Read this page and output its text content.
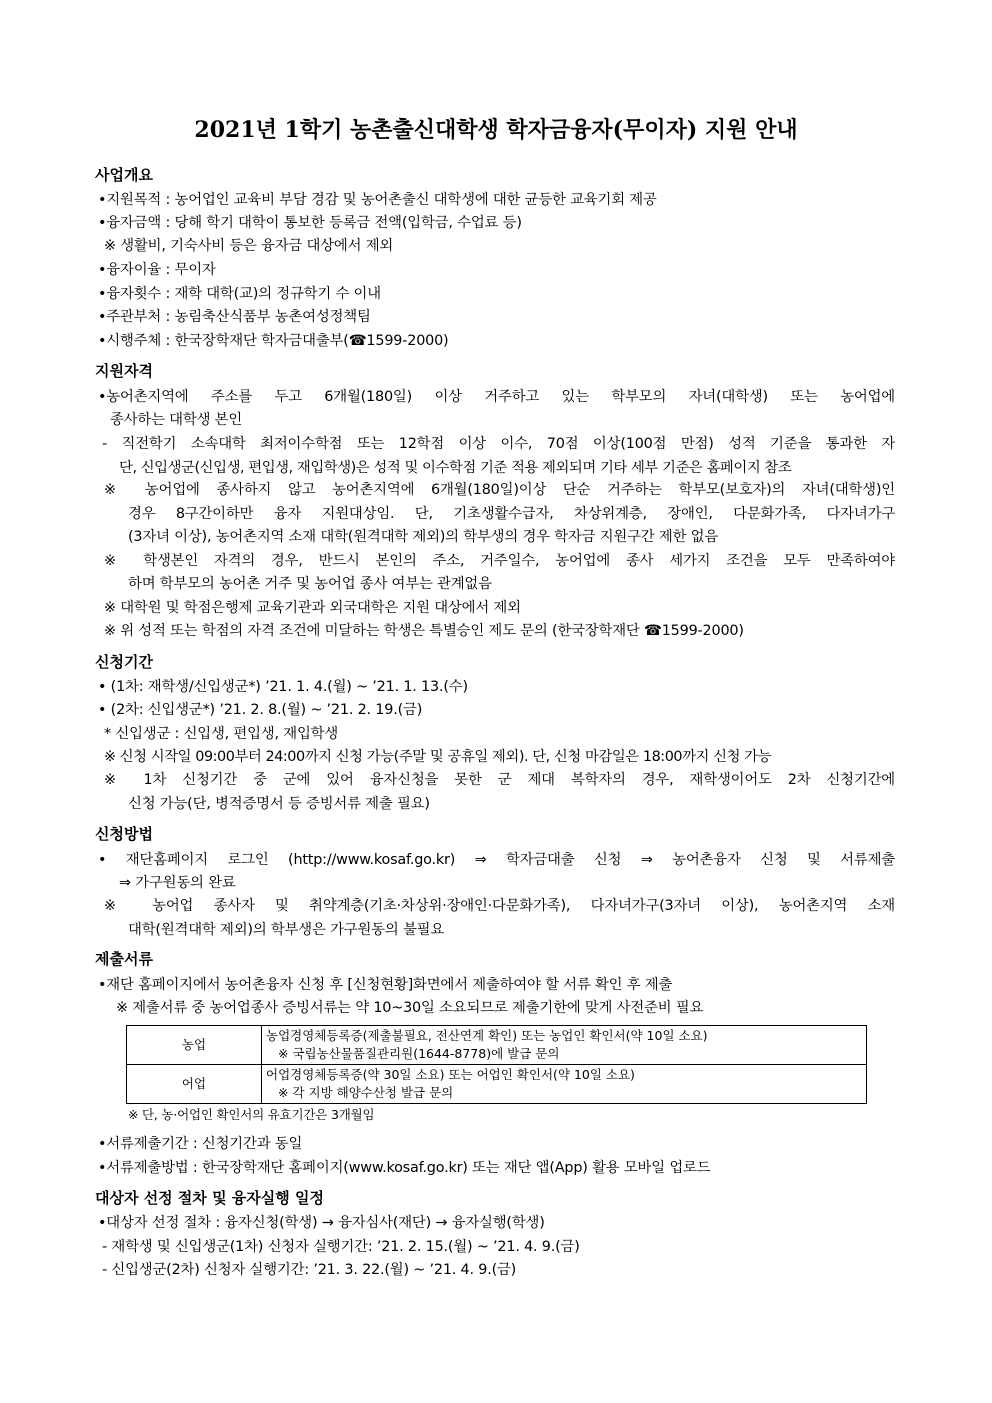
2021년 1학기 농촌출신대학생 학자금융자(무이자) 지원 안내
사업개요
•지원목적 : 농어업인 교육비 부담 경감 및 농어촌출신 대학생에 대한 균등한 교육기회 제공
•융자금액 : 당해 학기 대학이 통보한 등록금 전액(입학금, 수업료 등)
※ 생활비, 기숙사비 등은 융자금 대상에서 제외
•융자이율 : 무이자
•융자횟수 : 재학 대학(교)의 정규학기 수 이내
•주관부처 : 농림축산식품부 농촌여성정책팀
•시행주체 : 한국장학재단 학자금대출부(☎1599-2000)
지원자격
•농어촌지역에 주소를 두고 6개월(180일) 이상 거주하고 있는 학부모의 자녀(대학생) 또는 농어업에
종사하는 대학생 본인
- 직전학기 소속대학 최저이수학점 또는 12학점 이상 이수, 70점 이상(100점 만점) 성적 기준을 통과한 자
단, 신입생군(신입생, 편입생, 재입학생)은 성적 및 이수학점 기준 적용 제외되며 기타 세부 기준은 홈페이지 참조
※ 농어업에 종사하지 않고 농어촌지역에 6개월(180일)이상 단순 거주하는 학부모(보호자)의 자녀(대학생)인
경우 8구간이하만 융자 지원대상임. 단, 기초생활수급자, 차상위계층, 장애인, 다문화가족, 다자녀가구
(3자녀 이상), 농어촌지역 소재 대학(원격대학 제외)의 학부생의 경우 학자금 지원구간 제한 없음
※ 학생본인 자격의 경우, 반드시 본인의 주소, 거주일수, 농어업에 종사 세가지 조건을 모두 만족하여야
하며 학부모의 농어촌 거주 및 농어업 종사 여부는 관계없음
※ 대학원 및 학점은행제 교육기관과 외국대학은 지원 대상에서 제외
※ 위 성적 또는 학점의 자격 조건에 미달하는 학생은 특별승인 제도 문의 (한국장학재단 ☎1599-2000)
신청기간
• (1차: 재학생/신입생군*) ’21. 1. 4.(월) ~ ’21. 1. 13.(수)
• (2차: 신입생군*) ’21. 2. 8.(월) ~ ’21. 2. 19.(금)
* 신입생군 : 신입생, 편입생, 재입학생
※ 신청 시작일 09:00부터 24:00까지 신청 가능(주말 및 공휴일 제외). 단, 신청 마감일은 18:00까지 신청 가능
※ 1차 신청기간 중 군에 있어 융자신청을 못한 군 제대 복학자의 경우, 재학생이어도 2차 신청기간에
신청 가능(단, 병적증명서 등 증빙서류 제출 필요)
신청방법
• 재단홈페이지 로그인 (http://www.kosaf.go.kr) ⇒ 학자금대출 신청 ⇒ 농어촌융자 신청 및 서류제출
⇒ 가구원동의 완료
※ 농어업 종사자 및 취약계층(기초·차상위·장애인·다문화가족), 다자녀가구(3자녀 이상), 농어촌지역 소재
대학(원격대학 제외)의 학부생은 가구원동의 불필요
제출서류
•재단 홈페이지에서 농어촌융자 신청 후 [신청현황]화면에서 제출하여야 할 서류 확인 후 제출
※ 제출서류 중 농어업종사 증빙서류는 약 10~30일 소요되므로 제출기한에 맞게 사전준비 필요
농업	농업경영체등록증(제출불필요, 전산연계 확인) 또는 농업인 확인서(약 10일 소요)
※ 국립농산물품질관리원(1644-8778)에 발급 문의

어업	어업경영체등록증(약 30일 소요) 또는 어업인 확인서(약 10일 소요)
※ 각 지방 해양수산청 발급 문의
※ 단, 농·어업인 확인서의 유효기간은 3개월임
•서류제출기간 : 신청기간과 동일
•서류제출방법 : 한국장학재단 홈페이지(www.kosaf.go.kr) 또는 재단 앱(App) 활용 모바일 업로드
대상자 선정 절차 및 융자실행 일정
•대상자 선정 절차 : 융자신청(학생) → 융자심사(재단) → 융자실행(학생)
- 재학생 및 신입생군(1차) 신청자 실행기간: ’21. 2. 15.(월) ~ ’21. 4. 9.(금)
- 신입생군(2차) 신청자 실행기간: ’21. 3. 22.(월) ~ ’21. 4. 9.(금)
